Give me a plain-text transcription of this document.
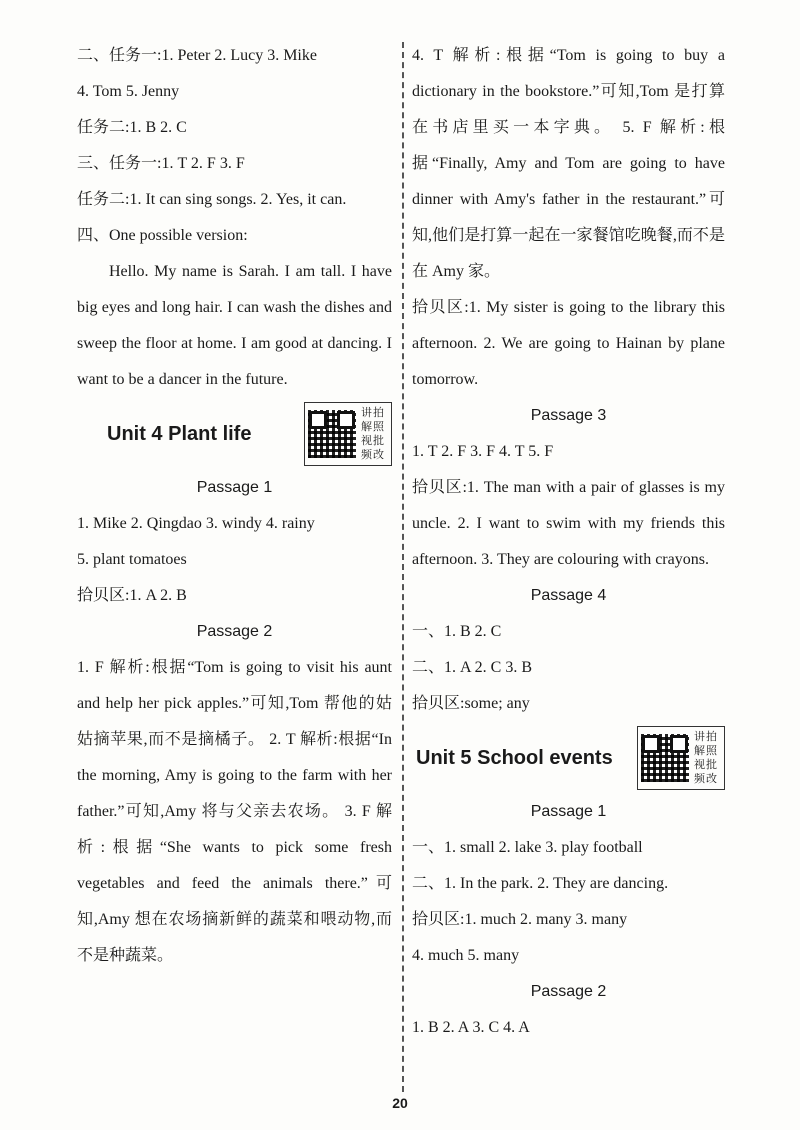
二、任务一:1. Peter 2. Lucy 3. Mike
4. Tom 5. Jenny
任务二:1. B 2. C
三、任务一:1. T 2. F 3. F
任务二:1. It can sing songs. 2. Yes, it can.
四、One possible version:
Hello. My name is Sarah. I am tall. I have big eyes and long hair. I can wash the dishes and sweep the floor at home. I am good at dancing. I want to be a dancer in the future.
Unit 4 Plant life
讲拍解照视批频改
Passage 1
1. Mike 2. Qingdao 3. windy 4. rainy
5. plant tomatoes
拾贝区:1. A 2. B
Passage 2
1. F 解析:根据“Tom is going to visit his aunt and help her pick apples.”可知,Tom 帮他的姑姑摘苹果,而不是摘橘子。 2. T 解析:根据“In the morning, Amy is going to the farm with her father.”可知,Amy 将与父亲去农场。 3. F 解析:根据“She wants to pick some fresh vegetables and feed the animals there.”可知,Amy 想在农场摘新鲜的蔬菜和喂动物,而不是种蔬菜。
4. T 解析:根据“Tom is going to buy a dictionary in the bookstore.”可知,Tom 是打算在书店里买一本字典。 5. F 解析:根据“Finally, Amy and Tom are going to have dinner with Amy's father in the restaurant.”可知,他们是打算一起在一家餐馆吃晚餐,而不是在 Amy 家。
拾贝区:1. My sister is going to the library this afternoon. 2. We are going to Hainan by plane tomorrow.
Passage 3
1. T 2. F 3. F 4. T 5. F
拾贝区:1. The man with a pair of glasses is my uncle. 2. I want to swim with my friends this afternoon. 3. They are colouring with crayons.
Passage 4
一、1. B 2. C
二、1. A 2. C 3. B
拾贝区:some; any
Unit 5 School events
讲拍解照视批频改
Passage 1
一、1. small 2. lake 3. play football
二、1. In the park. 2. They are dancing.
拾贝区:1. much 2. many 3. many
4. much 5. many
Passage 2
1. B 2. A 3. C 4. A
20
